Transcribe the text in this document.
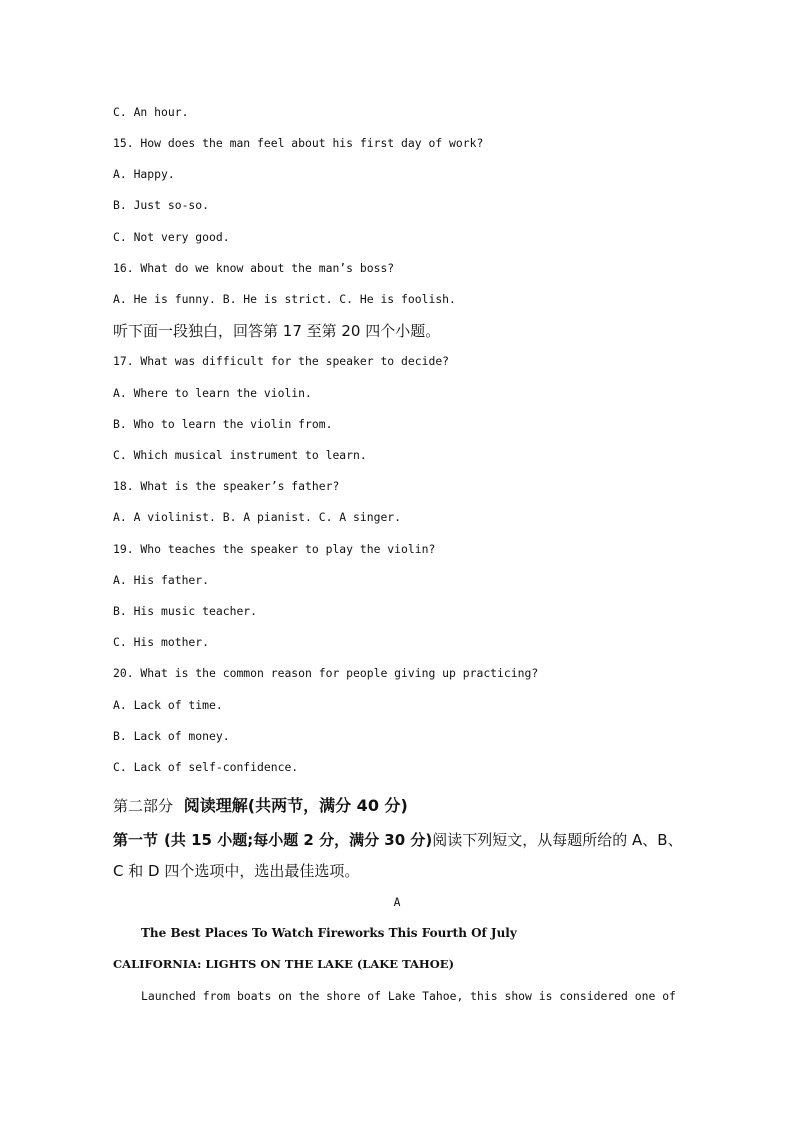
C. An hour.
15. How does the man feel about his first day of work?
A. Happy.
B. Just so-so.
C. Not very good.
16. What do we know about the man’s boss?
A. He is funny. B. He is strict. C. He is foolish.
听下面一段独白，回答第 17 至第 20 四个小题。
17. What was difficult for the speaker to decide?
A. Where to learn the violin.
B. Who to learn the violin from.
C. Which musical instrument to learn.
18. What is the speaker’s father?
A. A violinist. B. A pianist. C. A singer.
19. Who teaches the speaker to play the violin?
A. His father.
B. His music teacher.
C. His mother.
20. What is the common reason for people giving up practicing?
A. Lack of time.
B. Lack of money.
C. Lack of self-confidence.
第二部分 阅读理解(共两节，满分 40 分)
第一节 (共 15 小题;每小题 2 分，满分 30 分)阅读下列短文，从每题所给的 A、B、
C 和 D 四个选项中，选出最佳选项。
A
The Best Places To Watch Fireworks This Fourth Of July
CALIFORNIA: LIGHTS ON THE LAKE (LAKE TAHOE)
Launched from boats on the shore of Lake Tahoe, this show is considered one of
